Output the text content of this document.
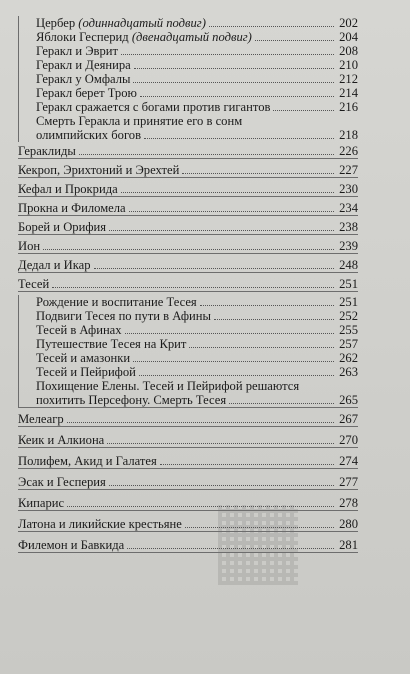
Цербер (одиннадцатый подвиг)	202
Яблоки Гесперид (двенадцатый подвиг)	204
Геракл и Эврит	208
Геракл и Деянира	210
Геракл у Омфалы	212
Геракл берет Трою	214
Геракл сражается с богами против гигантов	216
Смерть Геракла и принятие его в сонм
олимпийских богов	218
Гераклиды	226
Кекроп, Эрихтоний и Эрехтей	227
Кефал и Прокрида	230
Прокна и Филомела	234
Борей и Орифия	238
Ион	239
Дедал и Икар	248
Тесей	251
Рождение и воспитание Тесея	251
Подвиги Тесея по пути в Афины	252
Тесей в Афинах	255
Путешествие Тесея на Крит	257
Тесей и амазонки	262
Тесей и Пейрифой	263
Похищение Елены. Тесей и Пейрифой решаются
похитить Персефону. Смерть Тесея	265
Мелеагр	267
Кеик и Алкиона	270
Полифем, Акид и Галатея	274
Эсак и Гесперия	277
Кипарис	278
Латона и ликийские крестьяне	280
Филемон и Бавкида	281
